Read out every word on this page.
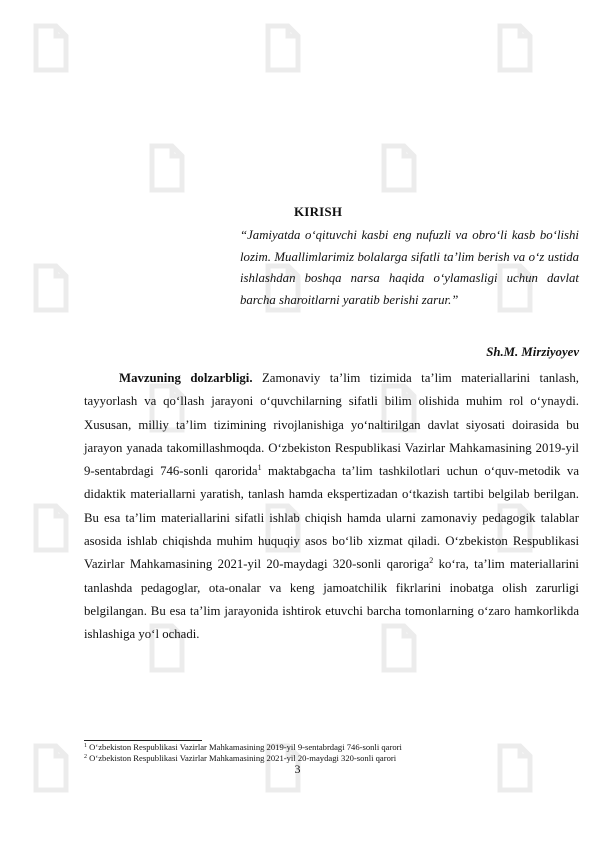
KIRISH
“Jamiyatda o‘qituvchi kasbi eng nufuzli va obro‘li kasb bo‘lishi lozim. Muallimlarimiz bolalarga sifatli ta’lim berish va o‘z ustida ishlashdan boshqa narsa haqida o‘ylamasligi uchun davlat barcha sharoitlarni yaratib berishi zarur.”
Sh.M. Mirziyoyev
Mavzuning dolzarbligi. Zamonaviy ta’lim tizimida ta’lim materiallarini tanlash, tayyorlash va qo‘llash jarayoni o‘quvchilarning sifatli bilim olishida muhim rol o‘ynaydi. Xususan, milliy ta’lim tizimining rivojlanishiga yo‘naltirilgan davlat siyosati doirasida bu jarayon yanada takomillashmoqda. O‘zbekiston Respublikasi Vazirlar Mahkamasining 2019-yil 9-sentabrdagi 746-sonli qarorida$^1$ maktabgacha ta’lim tashkilotlari uchun o‘quv-metodik va didaktik materiallarni yaratish, tanlash hamda ekspertizadan o‘tkazish tartibi belgilab berilgan. Bu esa ta’lim materiallarini sifatli ishlab chiqish hamda ularni zamonaviy pedagogik talablar asosida ishlab chiqishda muhim huquqiy asos bo‘lib xizmat qiladi. O‘zbekiston Respublikasi Vazirlar Mahkamasining 2021-yil 20-maydagi 320-sonli qaroriga$^2$ ko‘ra, ta’lim materiallarini tanlashda pedagoglar, ota-onalar va keng jamoatchilik fikrlarini inobatga olish zarurligi belgilangan. Bu esa ta’lim jarayonida ishtirok etuvchi barcha tomonlarning o‘zaro hamkorlikda ishlashiga yo‘l ochadi.
$^1$ O‘zbekiston Respublikasi Vazirlar Mahkamasining 2019-yil 9-sentabrdagi 746-sonli qarori
$^2$ O‘zbekiston Respublikasi Vazirlar Mahkamasining 2021-yil 20-maydagi 320-sonli qarori
3
